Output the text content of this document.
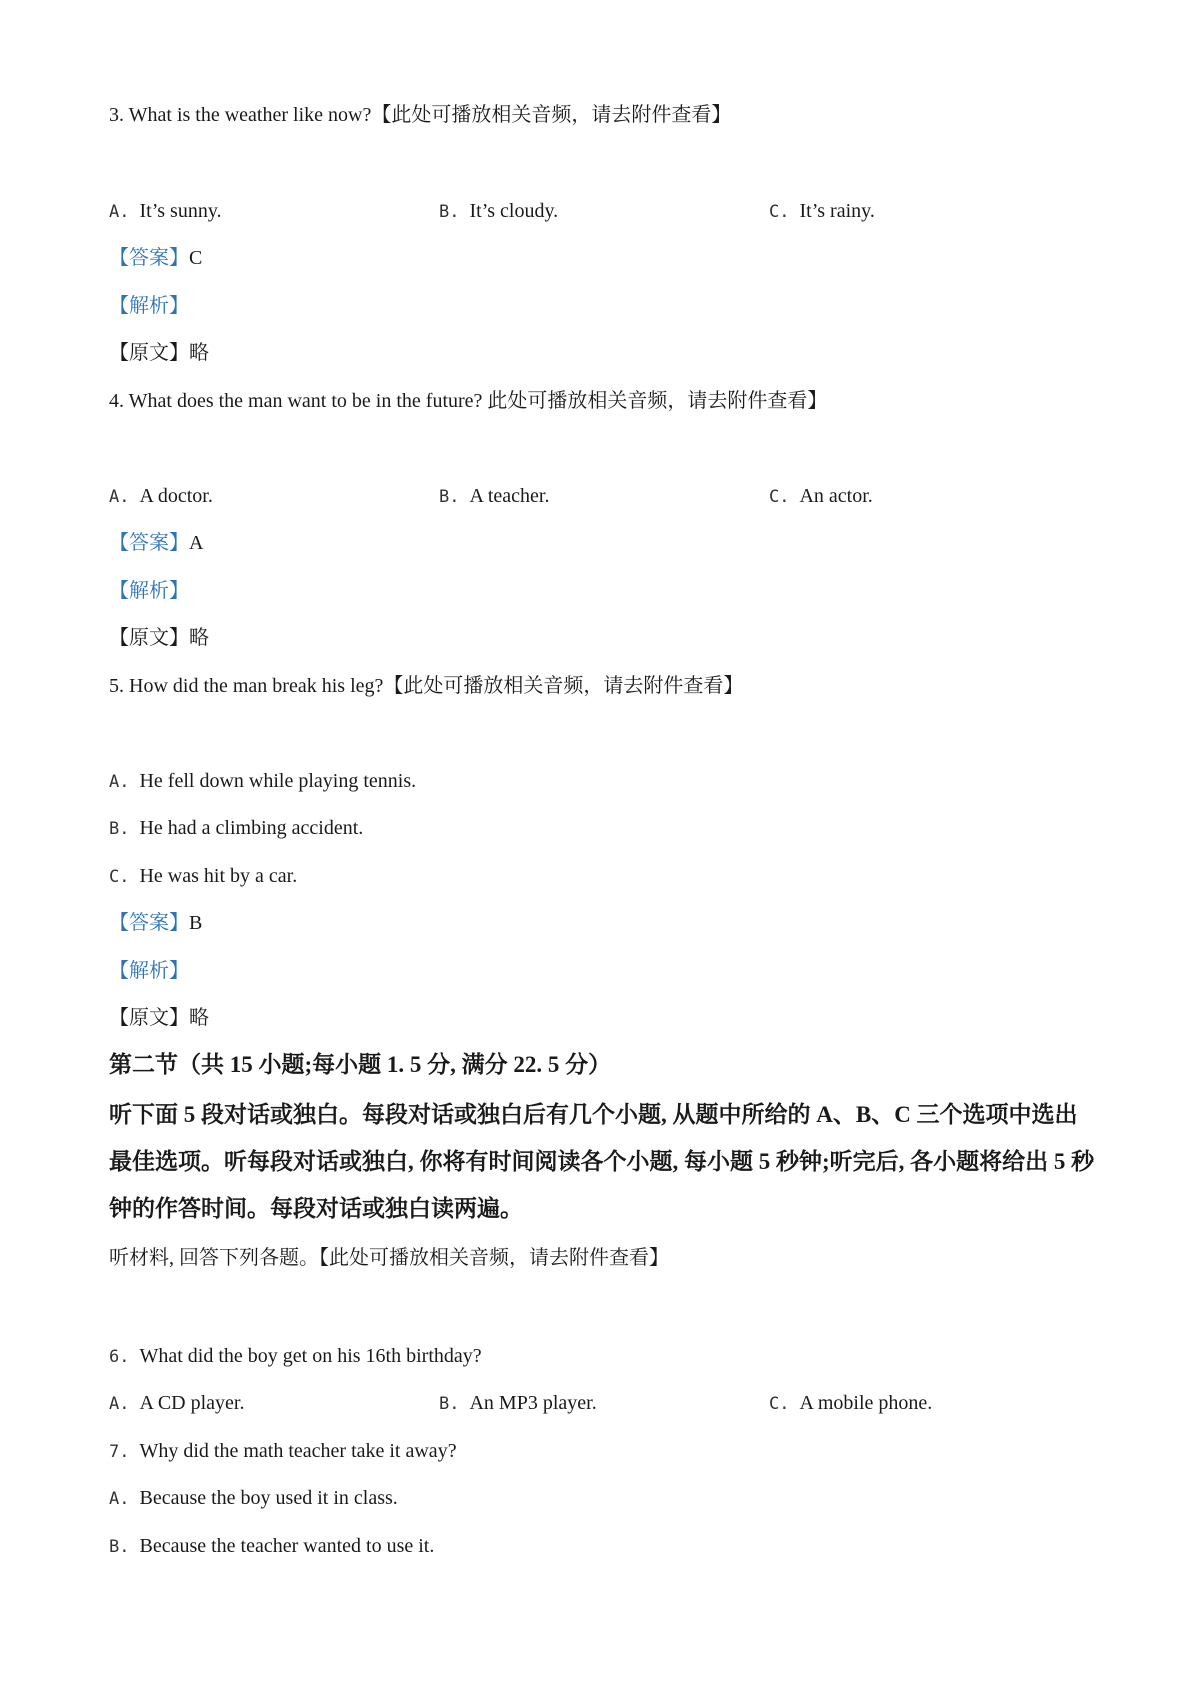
3. What is the weather like now?【此处可播放相关音频，请去附件查看】
A. It’s sunny.	B. It’s cloudy.	C. It’s rainy.
【答案】C
【解析】
【原文】略
4. What does the man want to be in the future? 此处可播放相关音频，请去附件查看】
A. A doctor.	B. A teacher.	C. An actor.
【答案】A
【解析】
【原文】略
5. How did the man break his leg?【此处可播放相关音频，请去附件查看】
A. He fell down while playing tennis.
B. He had a climbing accident.
C. He was hit by a car.
【答案】B
【解析】
【原文】略
第二节（共 15 小题;每小题 1. 5 分, 满分 22. 5 分）
听下面 5 段对话或独白。每段对话或独白后有几个小题, 从题中所给的 A、B、C 三个选项中选出最佳选项。听每段对话或独白, 你将有时间阅读各个小题, 每小题 5 秒钟;听完后, 各小题将给出 5 秒钟的作答时间。每段对话或独白读两遍。
听材料, 回答下列各题。【此处可播放相关音频，请去附件查看】
6. What did the boy get on his 16th birthday?
A. A CD player.	B. An MP3 player.	C. A mobile phone.
7. Why did the math teacher take it away?
A. Because the boy used it in class.
B. Because the teacher wanted to use it.
